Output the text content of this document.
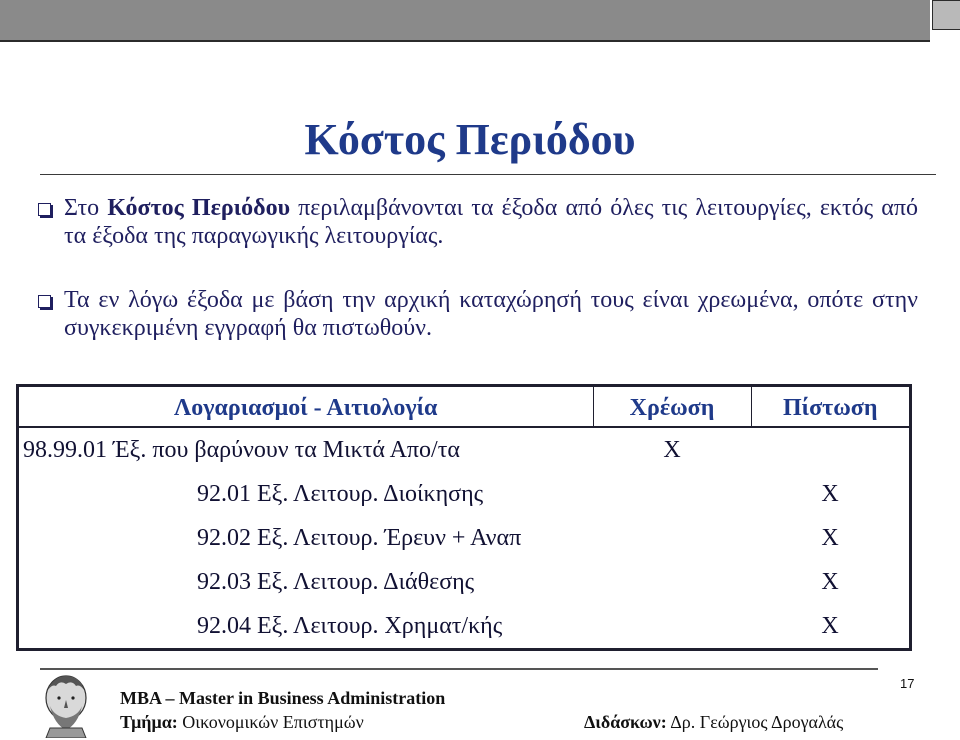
Κόστος Περιόδου
Στο Κόστος Περιόδου περιλαμβάνονται τα έξοδα από όλες τις λειτουργίες, εκτός από τα έξοδα της παραγωγικής λειτουργίας.
Τα εν λόγω έξοδα με βάση την αρχική καταχώρησή τους είναι χρεωμένα, οπότε στην συγκεκριμένη εγγραφή θα πιστωθούν.
Λογαριασμοί - Αιτιολογία	Χρέωση	Πίστωση
98.99.01 Έξ. που βαρύνουν τα Μικτά Απο/τα	Χ	
92.01 Εξ. Λειτουρ. Διοίκησης		Χ
92.02 Εξ. Λειτουρ. Έρευν + Αναπ		Χ
92.03 Εξ. Λειτουρ. Διάθεσης		Χ
92.04 Εξ. Λειτουρ. Χρηματ/κής		Χ
17
MBA – Master in Business Administration
Τμήμα: Οικονομικών Επιστημών	Διδάσκων: Δρ. Γεώργιος Δρογαλάς
